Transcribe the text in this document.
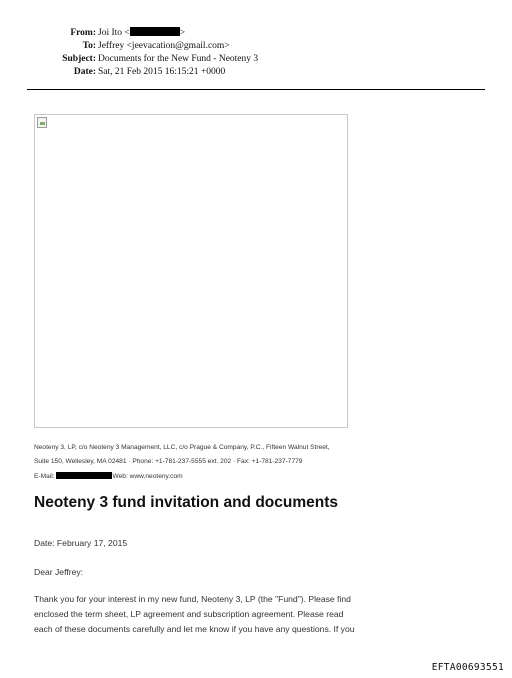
From: Joi Ito <	>
To: Jeffrey <jeevacation@gmail.com>
Subject: Documents for the New Fund - Neoteny 3
Date: Sat, 21 Feb 2015 16:15:21 +0000
Neoteny 3, LP, c/o Neoteny 3 Management, LLC, c/o Prague & Company, P.C., Fifteen Walnut Street,
Suite 150, Wellesley, MA 02481 · Phone: +1-781-237-5555 ext. 202 · Fax: +1-781-237-7779
E-Mail:	Web: www.neoteny.com
Neoteny 3 fund invitation and documents
Date: February 17, 2015
Dear Jeffrey:
Thank you for your interest in my new fund, Neoteny 3, LP (the "Fund"). Please find
enclosed the term sheet, LP agreement and subscription agreement. Please read
each of these documents carefully and let me know if you have any questions. If you
EFTA00693551
